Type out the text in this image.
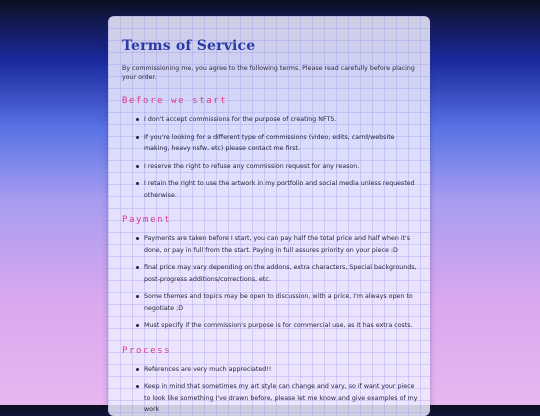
Terms of Service

By commissioning me, you agree to the following terms. Please read carefully before placing your order.

Before we start
I don't accept commissions for the purpose of creating NFTS.
If you're looking for a different type of commissions (video, edits, carrd/website making, heavy nsfw, etc) please contact me first.
I reserve the right to refuse any commission request for any reason.
I retain the right to use the artwork in my portfolio and social media unless requested otherwise.
Payment
Payments are taken before I start, you can pay half the total price and half when it's done, or pay in full from the start. Paying in full assures priority on your piece :D
final price may vary depending on the addons, extra characters, Special backgrounds, post-progress additions/corrections, etc.
Some themes and topics may be open to discussion, with a price, I'm always open to negotiate ;D
Must specify if the commission's purpose is for commercial use, as it has extra costs.
Process
References are very much appreciated!!
Keep in mind that sometimes my art style can change and vary, so if want your piece to look like something I've drawn before, please let me know and give examples of my work
